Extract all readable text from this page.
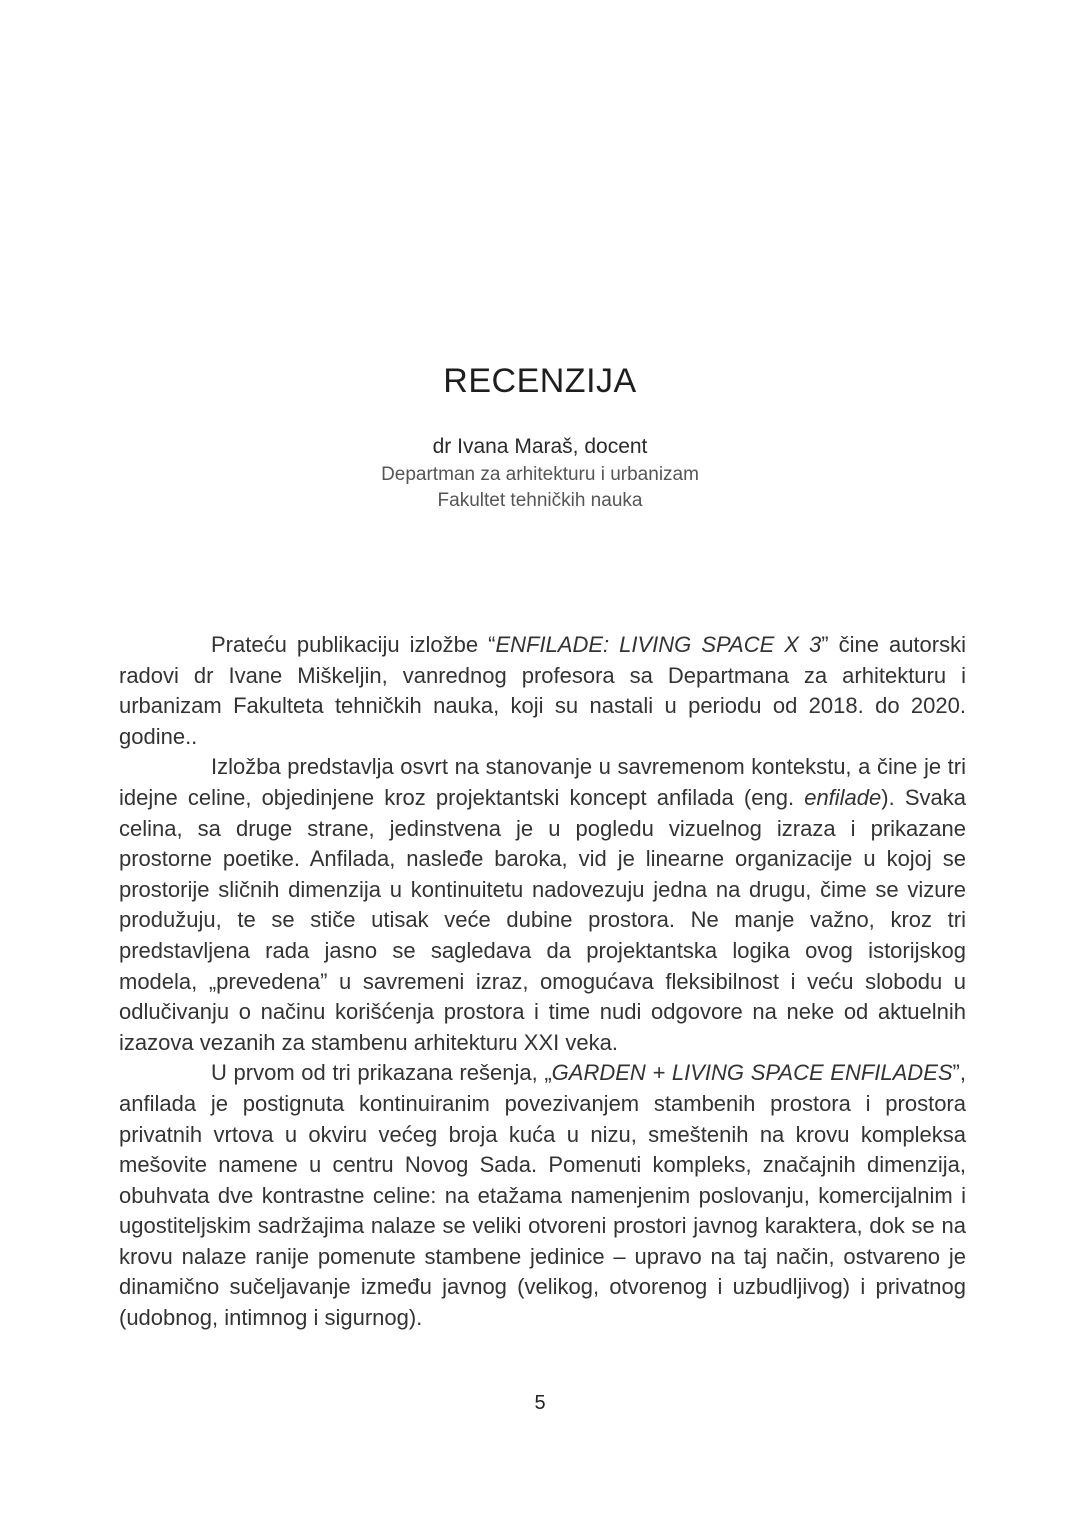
RECENZIJA
dr Ivana Maraš, docent
Departman za arhitekturu i urbanizam
Fakultet tehničkih nauka

Prateću publikaciju izložbe “ENFILADE: LIVING SPACE X 3” čine autorski radovi dr Ivane Miškeljin, vanrednog profesora sa Departmana za arhitekturu i urbanizam Fakulteta tehničkih nauka, koji su nastali u periodu od 2018. do 2020. godine..

Izložba predstavlja osvrt na stanovanje u savremenom kontekstu, a čine je tri idejne celine, objedinjene kroz projektantski koncept anfilada (eng. enfilade). Svaka celina, sa druge strane, jedinstvena je u pogledu vizuelnog izraza i prikazane prostorne poetike. Anfilada, nasleđe baroka, vid je linearne organizacije u kojoj se prostorije sličnih dimenzija u kontinuitetu nadovezuju jedna na drugu, čime se vizure produžuju, te se stiče utisak veće dubine prostora. Ne manje važno, kroz tri predstavljena rada jasno se sagledava da projektantska logika ovog istorijskog modela, „prevedena” u savremeni izraz, omogućava fleksibilnost i veću slobodu u odlučivanju o načinu korišćenja prostora i time nudi odgovore na neke od aktuelnih izazova vezanih za stambenu arhitekturu XXI veka.

U prvom od tri prikazana rešenja, „GARDEN + LIVING SPACE ENFILADES”, anfilada je postignuta kontinuiranim povezivanjem stambenih prostora i prostora privatnih vrtova u okviru većeg broja kuća u nizu, smeštenih na krovu kompleksa mešovite namene u centru Novog Sada. Pomenuti kompleks, značajnih dimenzija, obuhvata dve kontrastne celine: na etažama namenjenim poslovanju, komercijalnim i ugostiteljskim sadržajima nalaze se veliki otvoreni prostori javnog karaktera, dok se na krovu nalaze ranije pomenute stambene jedinice – upravo na taj način, ostvareno je dinamično sučeljavanje između javnog (velikog, otvorenog i uzbudljivog) i privatnog (udobnog, intimnog i sigurnog).

5
